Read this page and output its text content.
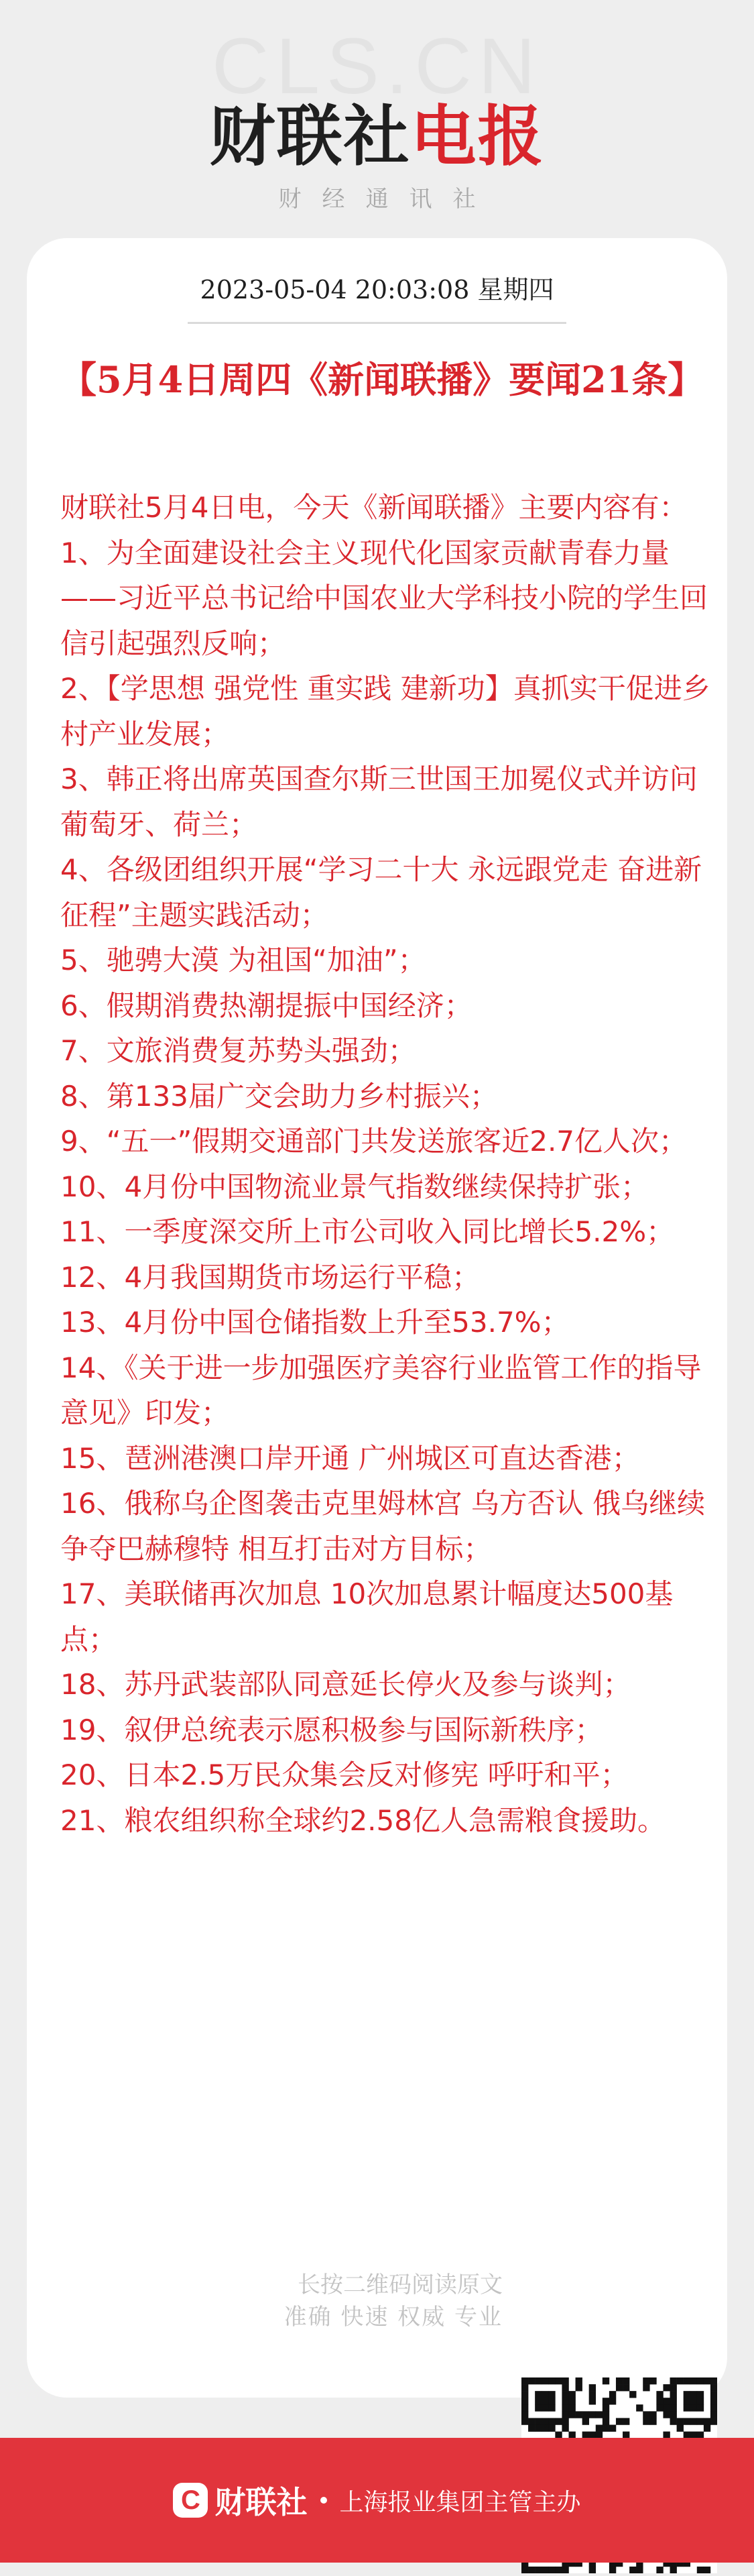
CLS.CN
财联社电报
财经通讯社
2023-05-04 20:03:08 星期四
【5月4日周四《新闻联播》要闻21条】

财联社5月4日电，今天《新闻联播》主要内容有：

1、为全面建设社会主义现代化国家贡献青春力量——习近平总书记给中国农业大学科技小院的学生回信引起强烈反响；

2、【学思想 强党性 重实践 建新功】真抓实干促进乡村产业发展；

3、韩正将出席英国查尔斯三世国王加冕仪式并访问葡萄牙、荷兰；

4、各级团组织开展“学习二十大 永远跟党走 奋进新征程”主题实践活动；

5、驰骋大漠 为祖国“加油”；

6、假期消费热潮提振中国经济；

7、文旅消费复苏势头强劲；

8、第133届广交会助力乡村振兴；

9、“五一”假期交通部门共发送旅客近2.7亿人次；

10、4月份中国物流业景气指数继续保持扩张；

11、一季度深交所上市公司收入同比增长5.2%；

12、4月我国期货市场运行平稳；

13、4月份中国仓储指数上升至53.7%；

14、《关于进一步加强医疗美容行业监管工作的指导意见》印发；

15、琶洲港澳口岸开通 广州城区可直达香港；

16、俄称乌企图袭击克里姆林宫 乌方否认 俄乌继续争夺巴赫穆特 相互打击对方目标；

17、美联储再次加息 10次加息累计幅度达500基点；

18、苏丹武装部队同意延长停火及参与谈判；

19、叙伊总统表示愿积极参与国际新秩序；

20、日本2.5万民众集会反对修宪 呼吁和平；

21、粮农组织称全球约2.58亿人急需粮食援助。

长按二维码阅读原文
准确 快速 权威 专业
C 财联社 上海报业集团主管主办
